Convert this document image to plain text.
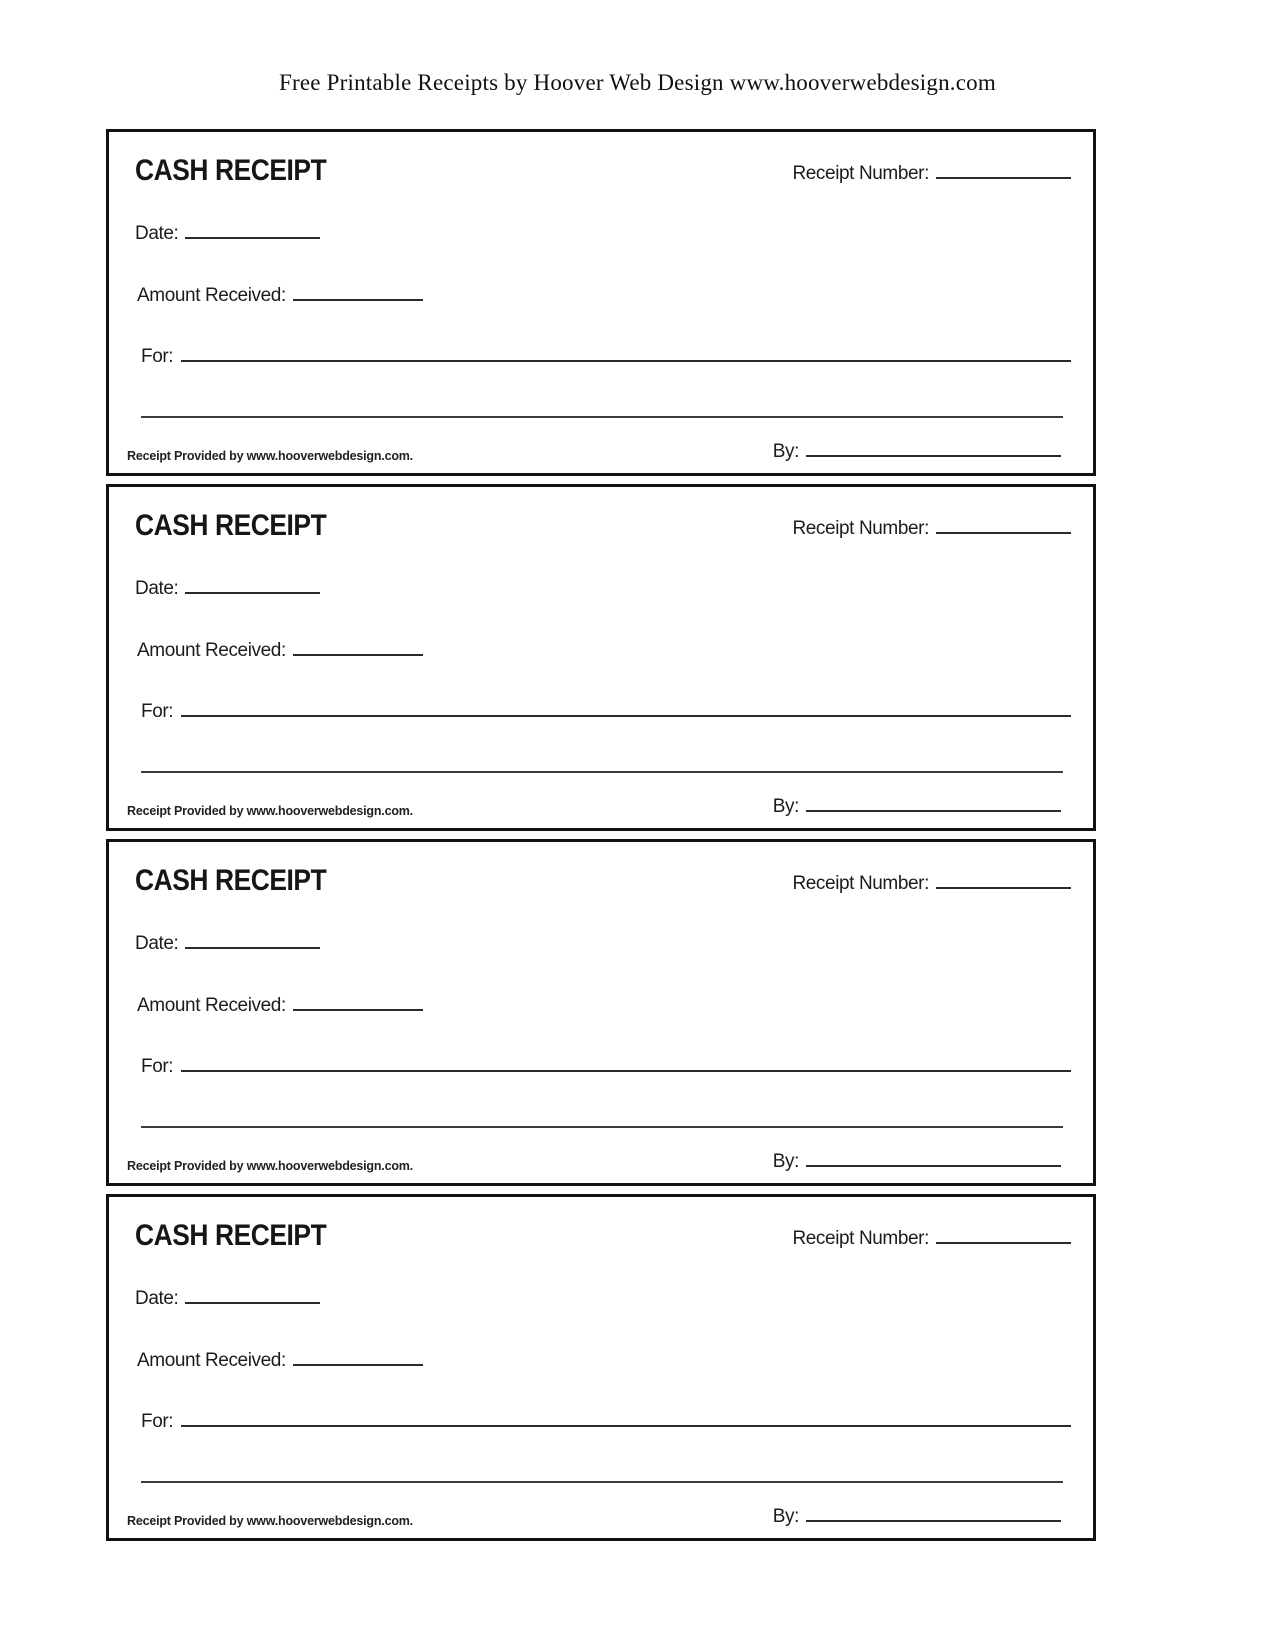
Free Printable Receipts by Hoover Web Design www.hooverwebdesign.com
CASH RECEIPT	Receipt Number:
Date:
Amount Received:
For:
Receipt Provided by www.hooverwebdesign.com.	By:
CASH RECEIPT	Receipt Number:
Date:
Amount Received:
For:
Receipt Provided by www.hooverwebdesign.com.	By:
CASH RECEIPT	Receipt Number:
Date:
Amount Received:
For:
Receipt Provided by www.hooverwebdesign.com.	By:
CASH RECEIPT	Receipt Number:
Date:
Amount Received:
For:
Receipt Provided by www.hooverwebdesign.com.	By:
